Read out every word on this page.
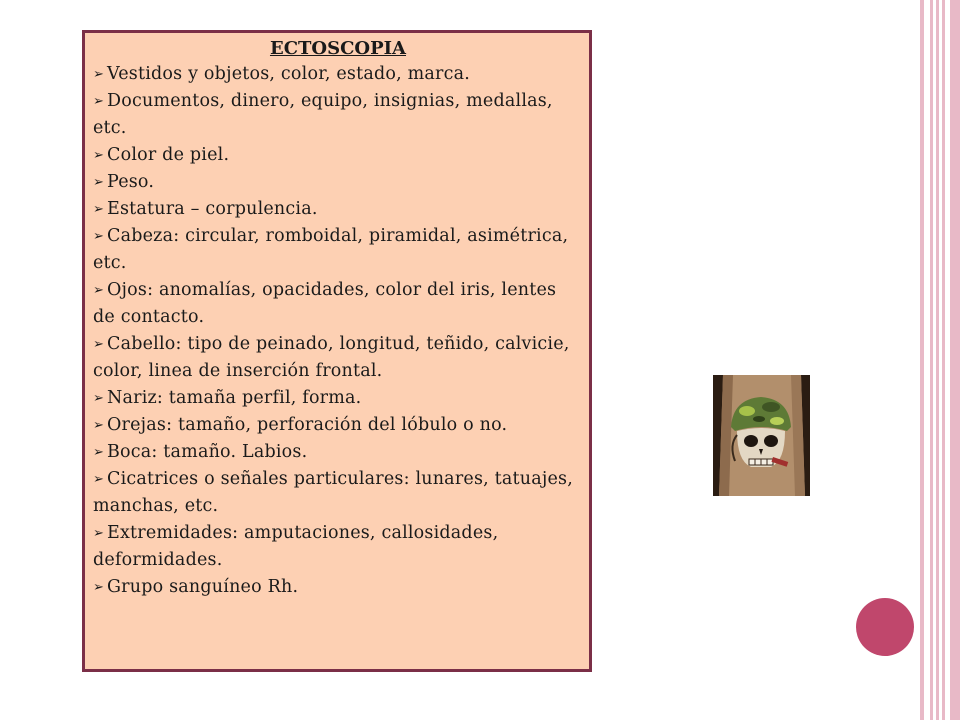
ECTOSCOPIA
➢ Vestidos y objetos, color, estado, marca.
➢ Documentos, dinero, equipo, insignias, medallas, etc.
➢ Color de piel.
➢ Peso.
➢ Estatura – corpulencia.
➢ Cabeza: circular, romboidal, piramidal, asimétrica, etc.
➢ Ojos: anomalías, opacidades, color del iris, lentes de contacto.
➢ Cabello: tipo de peinado, longitud, teñido, calvicie, color, linea de inserción frontal.
➢ Nariz: tamaña perfil, forma.
➢ Orejas: tamaño, perforación del lóbulo o no.
➢ Boca: tamaño. Labios.
➢ Cicatrices o señales particulares: lunares, tatuajes, manchas, etc.
➢ Extremidades: amputaciones, callosidades, deformidades.
➢ Grupo sanguíneo Rh.
